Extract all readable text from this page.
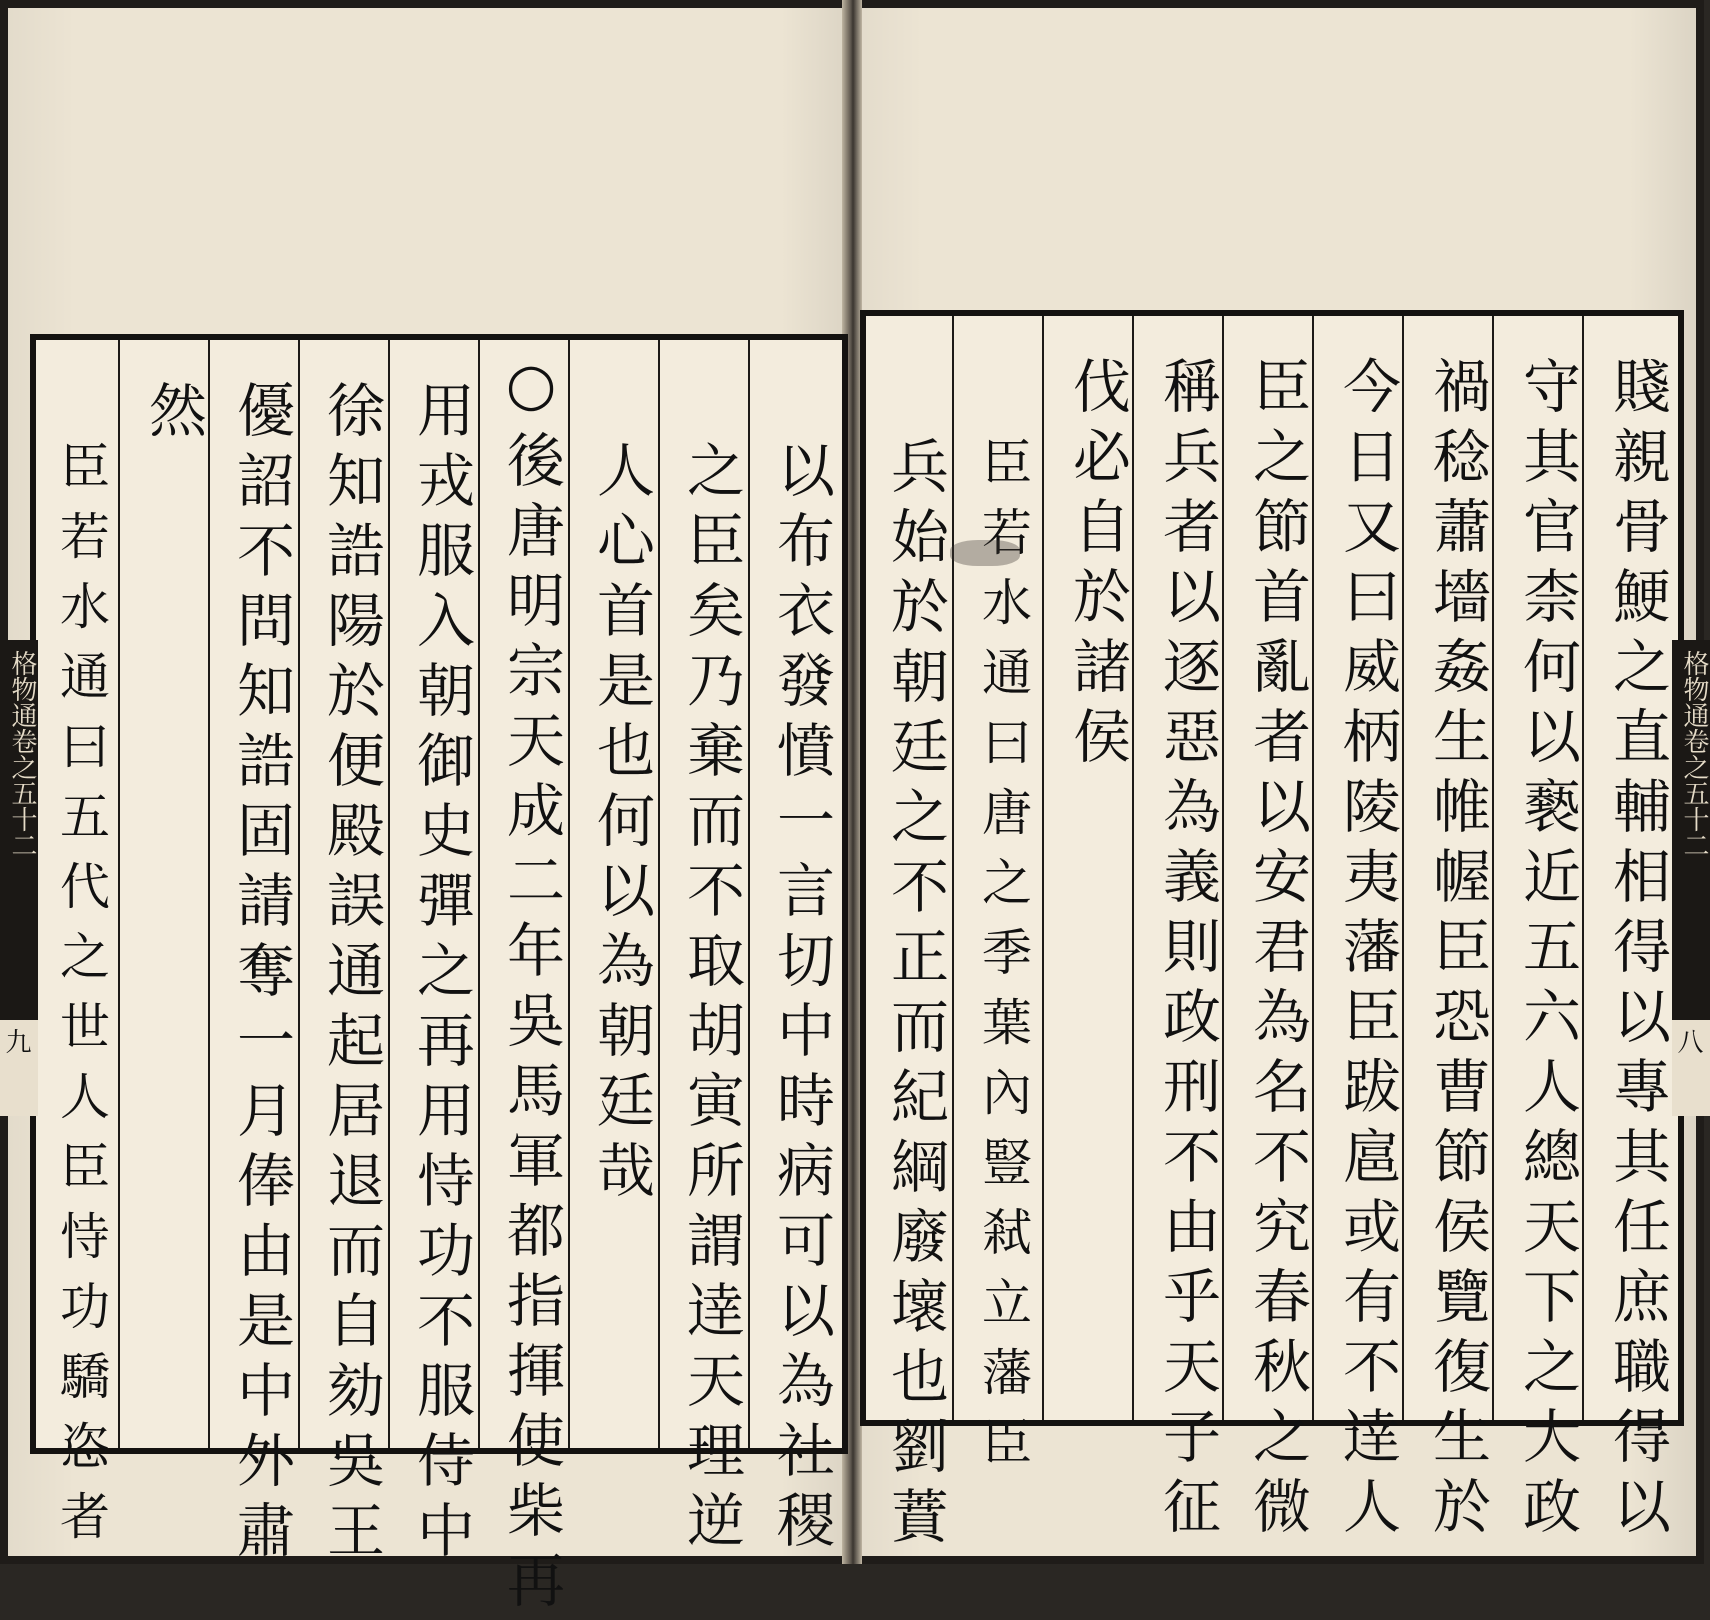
臣若水通曰五代之世人臣恃功驕恣者
然 優詔不問知誥固請奪一月俸由是中外肅 徐知誥陽於便殿誤通起居退而自劾吳王 用戎服入朝御史彈之再用恃功不服侍中 ○後唐明宗天成二年吳馬軍都指揮使柴再 人心首是也何以為朝廷哉 之臣矣乃棄而不取胡寅所謂逹天理逆 以布衣發憤一言切中時病可以為社稷	臣若水通曰唐之季葉內豎弒立藩臣
兵始於朝廷之不正而紀綱廢壞也劉蕡 伐必自於諸侯 稱兵者以逐惡為義則政刑不由乎天子征 臣之節首亂者以安君為名不究春秋之微 今日又曰威柄陵夷藩臣跋扈或有不逹人 禍稔蕭墻姦生帷幄臣恐曹節侯覽復生於 守其官柰何以褻近五六人總天下之大政 賤親骨鯁之直輔相得以專其任庶職得以
格物通卷之五十二
九
格物通卷之五十二
八
